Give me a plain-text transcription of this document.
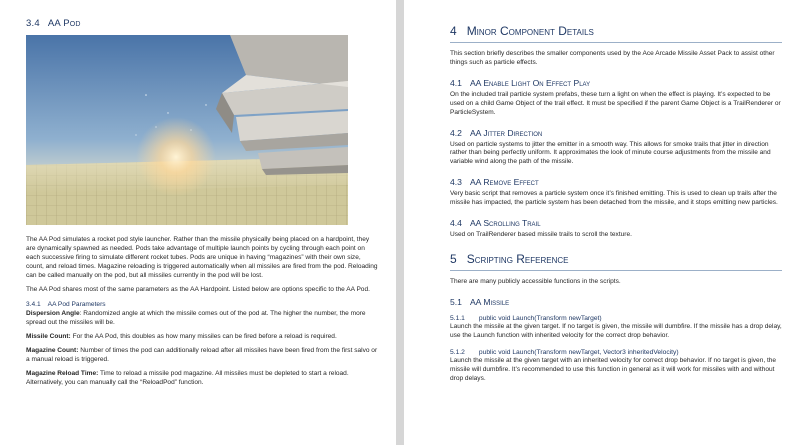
3.4 AA Pod

The AA Pod simulates a rocket pod style launcher. Rather than the missile physically being placed on a hardpoint, they are dynamically spawned as needed. Pods take advantage of multiple launch points by cycling through each point on each successive firing to simulate different rocket tubes. Pods are unique in having “magazines” with their own size, count, and reload times. Magazine reloading is triggered automatically when all missiles are fired from the pod. Reloading can be called manually on the pod, but all missiles currently in the pod will be lost.

The AA Pod shares most of the same parameters as the AA Hardpoint. Listed below are options specific to the AA Pod.

3.4.1 AA Pod Parameters

Dispersion Angle: Randomized angle at which the missile comes out of the pod at. The higher the number, the more spread out the missiles will be.

Missile Count: For the AA Pod, this doubles as how many missiles can be fired before a reload is required.

Magazine Count: Number of times the pod can additionally reload after all missiles have been fired from the first salvo or a manual reload is triggered.

Magazine Reload Time: Time to reload a missile pod magazine. All missiles must be depleted to start a reload. Alternatively, you can manually call the “ReloadPod” function.

4 Minor Component Details

This section briefly describes the smaller components used by the Ace Arcade Missile Asset Pack to assist other things such as particle effects.

4.1 AA Enable Light On Effect Play

On the included trail particle system prefabs, these turn a light on when the effect is playing. It’s expected to be used on a child Game Object of the trail effect. It must be specified if the parent Game Object is a TrailRenderer or ParticleSystem.

4.2 AA Jitter Direction

Used on particle systems to jitter the emitter in a smooth way. This allows for smoke trails that jitter in direction rather than being perfectly uniform. It approximates the look of minute course adjustments from the missile and variable wind along the path of the missile.

4.3 AA Remove Effect

Very basic script that removes a particle system once it’s finished emitting. This is used to clean up trails after the missile has impacted, the particle system has been detached from the missile, and it stops emitting new particles.

4.4 AA Scrolling Trail

Used on TrailRenderer based missile trails to scroll the texture.

5 Scripting Reference

There are many publicly accessible functions in the scripts.

5.1 AA Missile
5.1.1 public void Launch(Transform newTarget)

Launch the missile at the given target. If no target is given, the missile will dumbfire. If the missile has a drop delay, use the Launch function with inherited velocity for the correct drop behavior.

5.1.2 public void Launch(Transform newTarget, Vector3 inheritedVelocity)

Launch the missile at the given target with an inherited velocity for correct drop behavior. If no target is given, the missile will dumbfire. It’s recommended to use this function in general as it will work for missiles with and without drop delays.
